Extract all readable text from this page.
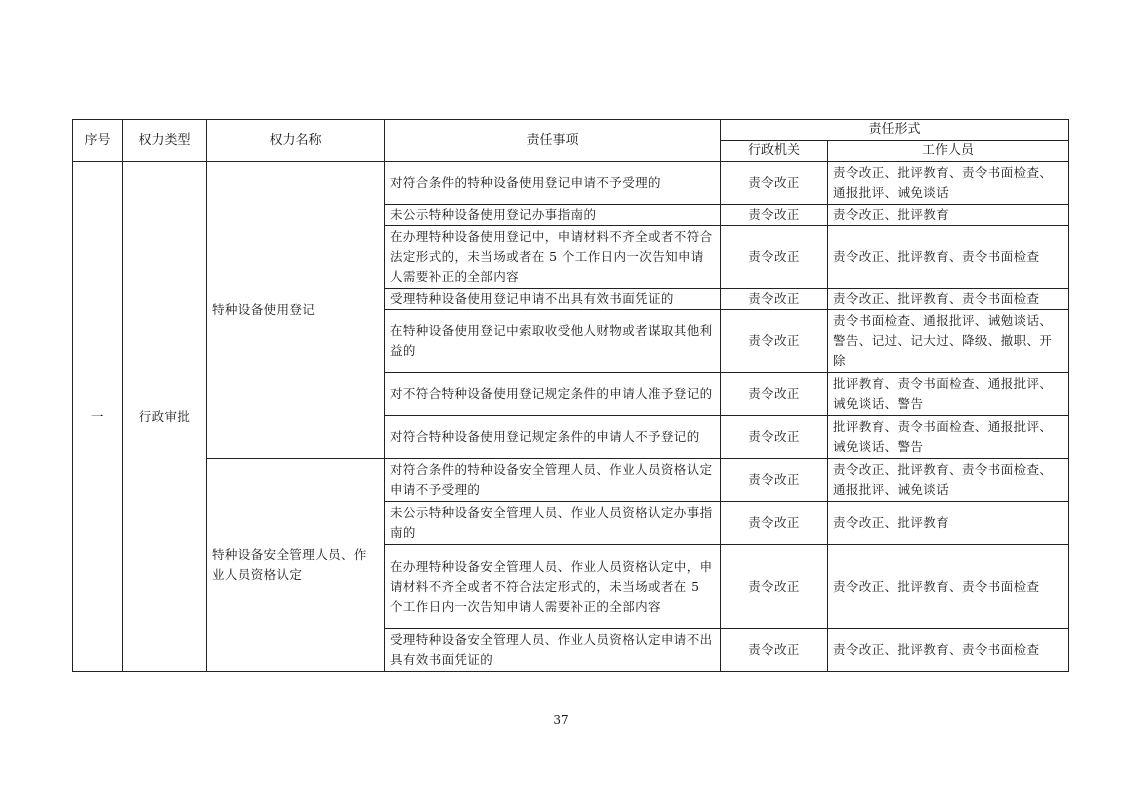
序号	权力类型	权力名称	责任事项	责任形式	
				行政机关	工作人员
一	行政审批	特种设备使用登记	对符合条件的特种设备使用登记申请不予受理的	责令改正	责令改正、批评教育、责令书面检查、通报批评、诫免谈话
			未公示特种设备使用登记办事指南的	责令改正	责令改正、批评教育
			在办理特种设备使用登记中，申请材料不齐全或者不符合法定形式的，未当场或者在 5 个工作日内一次告知申请人需要补正的全部内容	责令改正	责令改正、批评教育、责令书面检查
			受理特种设备使用登记申请不出具有效书面凭证的	责令改正	责令改正、批评教育、责令书面检查
			在特种设备使用登记中索取收受他人财物或者谋取其他利益的	责令改正	责令书面检查、通报批评、诫勉谈话、警告、记过、记大过、降级、撤职、开除
			对不符合特种设备使用登记规定条件的申请人准予登记的	责令改正	批评教育、责令书面检查、通报批评、诫免谈话、警告
			对符合特种设备使用登记规定条件的申请人不予登记的	责令改正	批评教育、责令书面检查、通报批评、诫免谈话、警告
		特种设备安全管理人员、作业人员资格认定	对符合条件的特种设备安全管理人员、作业人员资格认定申请不予受理的	责令改正	责令改正、批评教育、责令书面检查、通报批评、诫免谈话
			未公示特种设备安全管理人员、作业人员资格认定办事指南的	责令改正	责令改正、批评教育
			在办理特种设备安全管理人员、作业人员资格认定中，申请材料不齐全或者不符合法定形式的，未当场或者在 5 个工作日内一次告知申请人需要补正的全部内容	责令改正	责令改正、批评教育、责令书面检查
			受理特种设备安全管理人员、作业人员资格认定申请不出具有效书面凭证的	责令改正	责令改正、批评教育、责令书面检查
37
